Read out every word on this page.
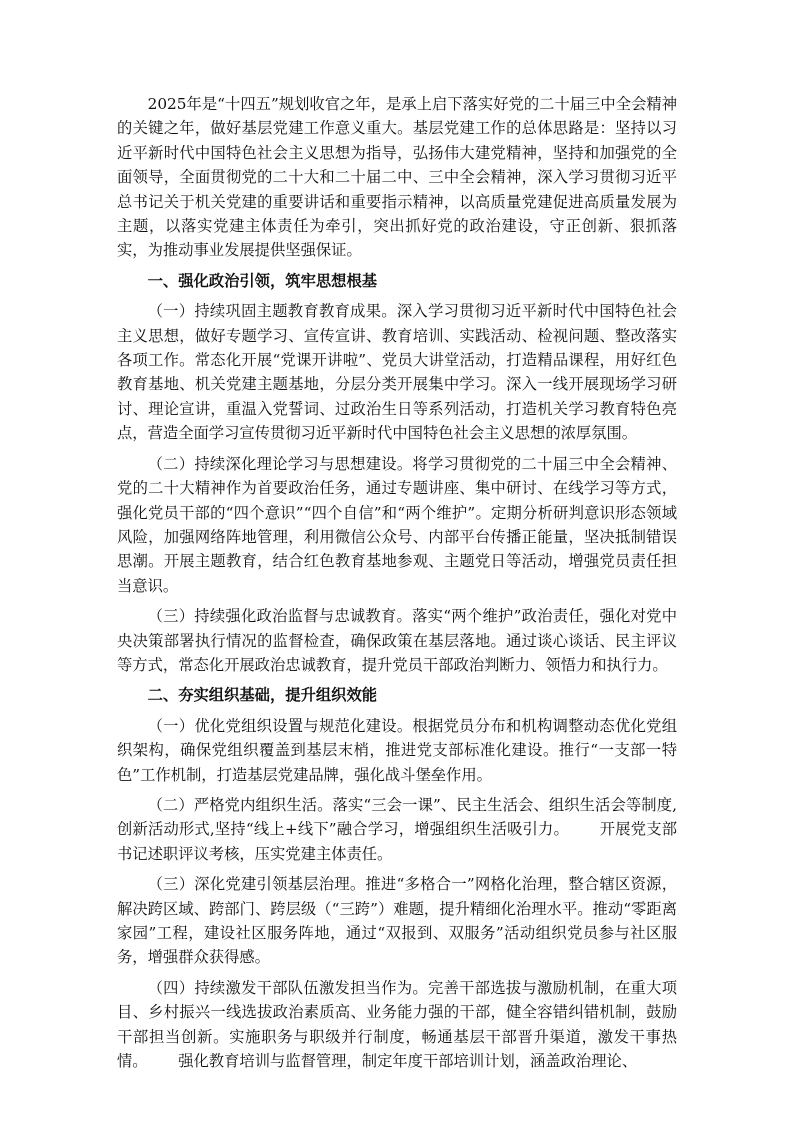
2025年是“十四五”规划收官之年，是承上启下落实好党的二十届三中全会精神的关键之年，做好基层党建工作意义重大。基层党建工作的总体思路是：坚持以习近平新时代中国特色社会主义思想为指导，弘扬伟大建党精神，坚持和加强党的全面领导，全面贯彻党的二十大和二十届二中、三中全会精神，深入学习贯彻习近平总书记关于机关党建的重要讲话和重要指示精神，以高质量党建促进高质量发展为主题，以落实党建主体责任为牵引，突出抓好党的政治建设，守正创新、狠抓落实，为推动事业发展提供坚强保证。

一、强化政治引领，筑牢思想根基

（一）持续巩固主题教育教育成果。深入学习贯彻习近平新时代中国特色社会主义思想，做好专题学习、宣传宣讲、教育培训、实践活动、检视问题、整改落实各项工作。常态化开展“党课开讲啦”、党员大讲堂活动，打造精品课程，用好红色教育基地、机关党建主题基地，分层分类开展集中学习。深入一线开展现场学习研讨、理论宣讲，重温入党誓词、过政治生日等系列活动，打造机关学习教育特色亮点，营造全面学习宣传贯彻习近平新时代中国特色社会主义思想的浓厚氛围。

（二）持续深化理论学习与思想建设。将学习贯彻党的二十届三中全会精神、党的二十大精神作为首要政治任务，通过专题讲座、集中研讨、在线学习等方式，强化党员干部的“四个意识”“四个自信”和“两个维护”。定期分析研判意识形态领域风险，加强网络阵地管理，利用微信公众号、内部平台传播正能量，坚决抵制错误思潮。开展主题教育，结合红色教育基地参观、主题党日等活动，增强党员责任担当意识。

（三）持续强化政治监督与忠诚教育。落实“两个维护”政治责任，强化对党中央决策部署执行情况的监督检查，确保政策在基层落地。通过谈心谈话、民主评议等方式，常态化开展政治忠诚教育，提升党员干部政治判断力、领悟力和执行力。

二、夯实组织基础，提升组织效能

（一）优化党组织设置与规范化建设。根据党员分布和机构调整动态优化党组织架构，确保党组织覆盖到基层末梢，推进党支部标准化建设。推行“一支部一特色”工作机制，打造基层党建品牌，强化战斗堡垒作用。

（二）严格党内组织生活。落实“三会一课”、民主生活会、组织生活会等制度,创新活动形式,坚持“线上+线下”融合学习，增强组织生活吸引力。 开展党支部书记述职评议考核，压实党建主体责任。

（三）深化党建引领基层治理。推进“多格合一”网格化治理，整合辖区资源，解决跨区域、跨部门、跨层级（“三跨”）难题，提升精细化治理水平。推动“零距离家园”工程，建设社区服务阵地，通过“双报到、双服务”活动组织党员参与社区服务，增强群众获得感。

（四）持续激发干部队伍激发担当作为。完善干部选拔与激励机制，在重大项目、乡村振兴一线选拔政治素质高、业务能力强的干部，健全容错纠错机制，鼓励干部担当创新。实施职务与职级并行制度，畅通基层干部晋升渠道，激发干事热情。 强化教育培训与监督管理，制定年度干部培训计划，涵盖政治理论、
